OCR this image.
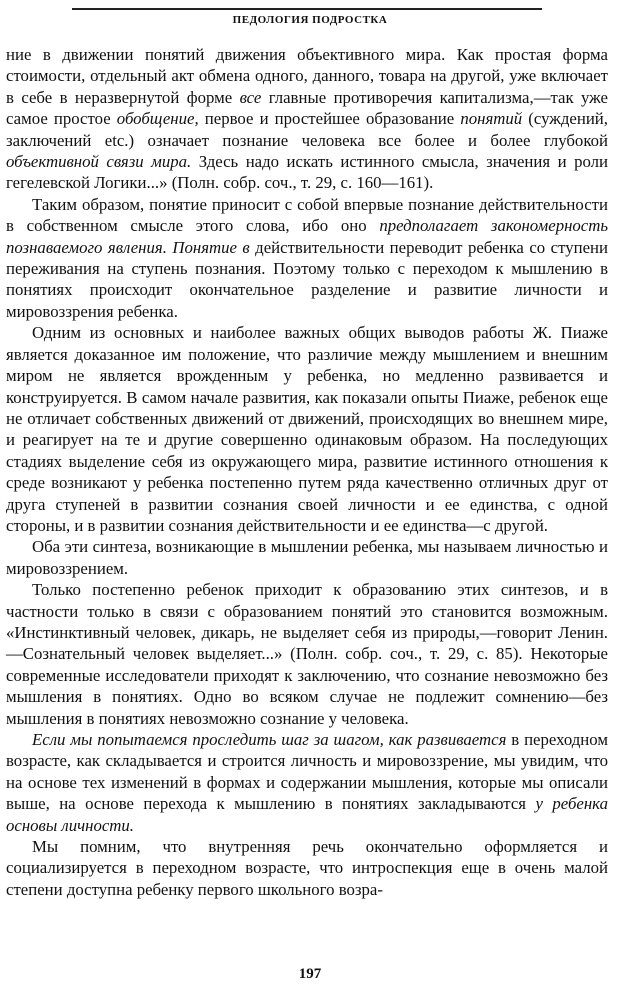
ПЕДОЛОГИЯ ПОДРОСТКА

ние в движении понятий движения объективного мира. Как простая форма стоимости, отдельный акт обмена одного, данного, товара на другой, уже включает в себе в неразвернутой форме все главные противоречия капитализма,—так уже самое простое обобщение, первое и простейшее образование понятий (суждений, заключений etc.) означает познание человека все более и более глубокой объективной связи мира. Здесь надо искать истинного смысла, значения и роли гегелевской Логики...» (Полн. собр. соч., т. 29, с. 160—161).

Таким образом, понятие приносит с собой впервые познание действительности в собственном смысле этого слова, ибо оно предполагает закономерность познаваемого явления. Понятие в действительности переводит ребенка со ступени переживания на ступень познания. Поэтому только с переходом к мышлению в понятиях происходит окончательное разделение и развитие личности и мировоззрения ребенка.

Одним из основных и наиболее важных общих выводов работы Ж. Пиаже является доказанное им положение, что различие между мышлением и внешним миром не является врожденным у ребенка, но медленно развивается и конструируется. В самом начале развития, как показали опыты Пиаже, ребенок еще не отличает собственных движений от движений, происходящих во внешнем мире, и реагирует на те и другие совершенно одинаковым образом. На последующих стадиях выделение себя из окружающего мира, развитие истинного отношения к среде возникают у ребенка постепенно путем ряда качественно отличных друг от друга ступеней в развитии сознания своей личности и ее единства, с одной стороны, и в развитии сознания действительности и ее единства—с другой.

Оба эти синтеза, возникающие в мышлении ребенка, мы называем личностью и мировоззрением.

Только постепенно ребенок приходит к образованию этих синтезов, и в частности только в связи с образованием понятий это становится возможным. «Инстинктивный человек, дикарь, не выделяет себя из природы,—говорит Ленин.—Сознательный человек выделяет...» (Полн. собр. соч., т. 29, с. 85). Некоторые современные исследователи приходят к заключению, что сознание невозможно без мышления в понятиях. Одно во всяком случае не подлежит сомнению—без мышления в понятиях невозможно сознание у человека.

Если мы попытаемся проследить шаг за шагом, как развивается в переходном возрасте, как складывается и строится личность и мировоззрение, мы увидим, что на основе тех изменений в формах и содержании мышления, которые мы описали выше, на основе перехода к мышлению в понятиях закладываются у ребенка основы личности.

Мы помним, что внутренняя речь окончательно оформляется и социализируется в переходном возрасте, что интроспекция еще в очень малой степени доступна ребенку первого школьного возра-

197
